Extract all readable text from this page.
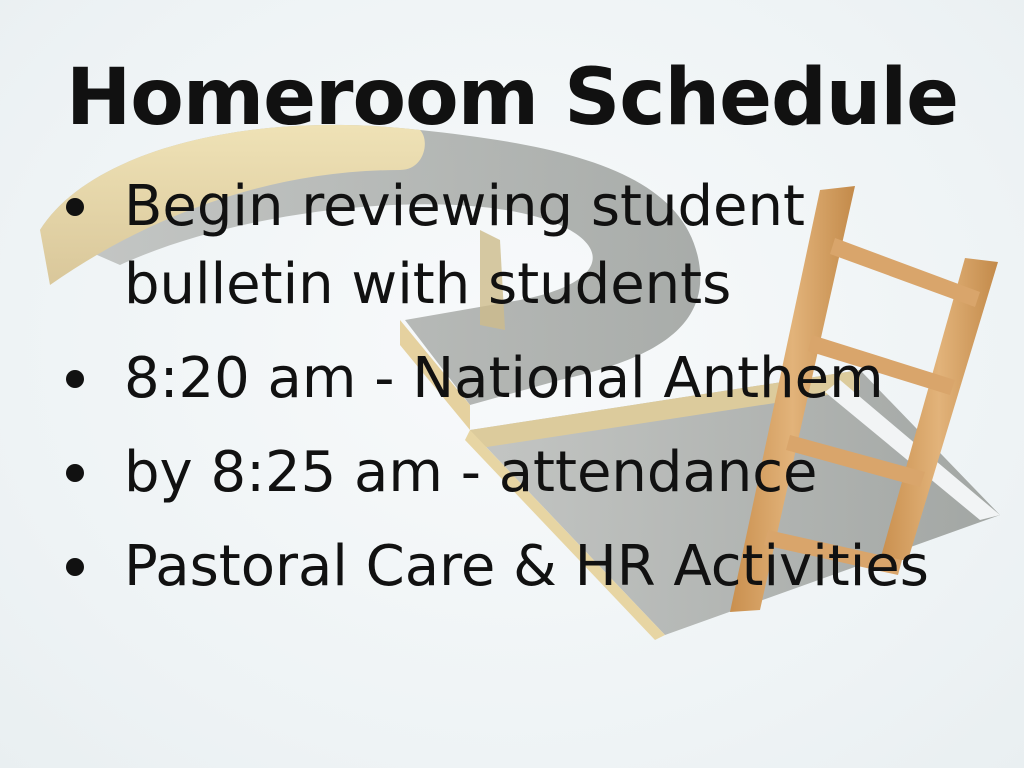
Homeroom Schedule
Begin reviewing student bulletin with students
8:20 am - National Anthem
by 8:25 am - attendance
Pastoral Care & HR Activities
